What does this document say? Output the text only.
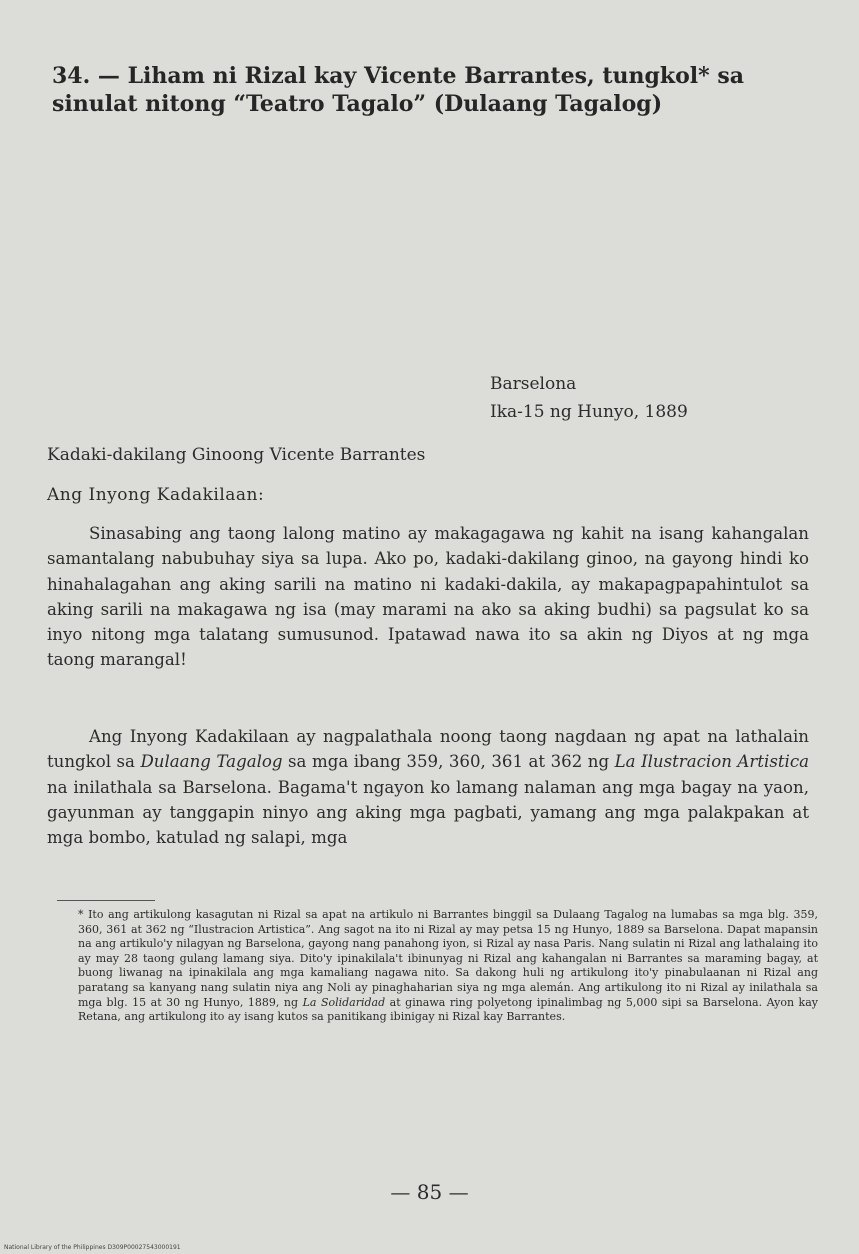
34. — Liham ni Rizal kay Vicente Barrantes, tungkol* sa sinulat nitong “Teatro Tagalo” (Dulaang Tagalog)
Barselona
Ika-15 ng Hunyo, 1889
Kadaki-dakilang Ginoong Vicente Barrantes
Ang Inyong Kadakilaan:
Sinasabing ang taong lalong matino ay makagagawa ng kahit na isang kahangalan samantalang nabubuhay siya sa lupa. Ako po, kadaki-dakilang ginoo, na gayong hindi ko hinahalagahan ang aking sarili na matino ni kadaki-dakila, ay makapagpapahintulot sa aking sarili na makagawa ng isa (may marami na ako sa aking budhi) sa pagsulat ko sa inyo nitong mga talatang sumusunod. Ipatawad nawa ito sa akin ng Diyos at ng mga taong marangal!
Ang Inyong Kadakilaan ay nagpalathala noong taong nagdaan ng apat na lathalain tungkol sa Dulaang Tagalog sa mga ibang 359, 360, 361 at 362 ng La Ilustracion Artistica na inilathala sa Barselona. Bagama't ngayon ko lamang nalaman ang mga bagay na yaon, gayunman ay tanggapin ninyo ang aking mga pagbati, yamang ang mga palakpakan at mga bombo, katulad ng salapi, mga
* Ito ang artikulong kasagutan ni Rizal sa apat na artikulo ni Barrantes binggil sa Dulaang Tagalog na lumabas sa mga blg. 359, 360, 361 at 362 ng “Ilustracion Artistica”. Ang sagot na ito ni Rizal ay may petsa 15 ng Hunyo, 1889 sa Barselona. Dapat mapansin na ang artikulo'y nilagyan ng Barselona, gayong nang panahong iyon, si Rizal ay nasa Paris. Nang sulatin ni Rizal ang lathalaing ito ay may 28 taong gulang lamang siya. Dito'y ipinakilala't ibinunyag ni Rizal ang kahangalan ni Barrantes sa maraming bagay, at buong liwanag na ipinakilala ang mga kamaliang nagawa nito. Sa dakong huli ng artikulong ito'y pinabulaanan ni Rizal ang paratang sa kanyang nang sulatin niya ang Noli ay pinaghaharian siya ng mga alemán. Ang artikulong ito ni Rizal ay inilathala sa mga blg. 15 at 30 ng Hunyo, 1889, ng La Solidaridad at ginawa ring polyetong ipinalimbag ng 5,000 sipi sa Barselona. Ayon kay Retana, ang artikulong ito ay isang kutos sa panitikang ibinigay ni Rizal kay Barrantes.
— 85 —
National Library of the Philippines D309P00027543000191
